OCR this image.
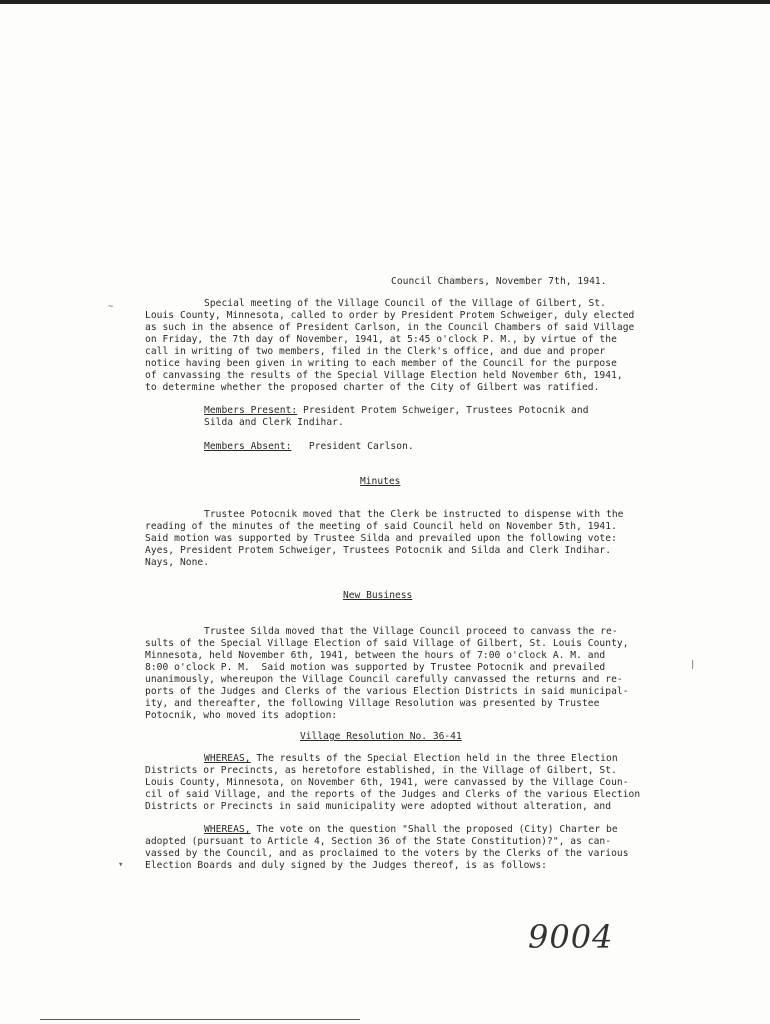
Council Chambers, November 7th, 1941.
Special meeting of the Village Council of the Village of Gilbert, St.
Louis County, Minnesota, called to order by President Protem Schweiger, duly elected
as such in the absence of President Carlson, in the Council Chambers of said Village
on Friday, the 7th day of November, 1941, at 5:45 o'clock P. M., by virtue of the
call in writing of two members, filed in the Clerk's office, and due and proper
notice having been given in writing to each member of the Council for the purpose
of canvassing the results of the Special Village Election held November 6th, 1941,
to determine whether the proposed charter of the City of Gilbert was ratified.
Members Present: President Protem Schweiger, Trustees Potocnik and
Silda and Clerk Indihar.
Members Absent:   President Carlson.
Minutes
Trustee Potocnik moved that the Clerk be instructed to dispense with the
reading of the minutes of the meeting of said Council held on November 5th, 1941.
Said motion was supported by Trustee Silda and prevailed upon the following vote:
Ayes, President Protem Schweiger, Trustees Potocnik and Silda and Clerk Indihar.
Nays, None.
New Business
Trustee Silda moved that the Village Council proceed to canvass the re-
sults of the Special Village Election of said Village of Gilbert, St. Louis County,
Minnesota, held November 6th, 1941, between the hours of 7:00 o'clock A. M. and
8:00 o'clock P. M.  Said motion was supported by Trustee Potocnik and prevailed
unanimously, whereupon the Village Council carefully canvassed the returns and re-
ports of the Judges and Clerks of the various Election Districts in said municipal-
ity, and thereafter, the following Village Resolution was presented by Trustee
Potocnik, who moved its adoption:
Village Resolution No. 36-41
WHEREAS, The results of the Special Election held in the three Election
Districts or Precincts, as heretofore established, in the Village of Gilbert, St.
Louis County, Minnesota, on November 6th, 1941, were canvassed by the Village Coun-
cil of said Village, and the reports of the Judges and Clerks of the various Election
Districts or Precincts in said municipality were adopted without alteration, and
WHEREAS, The vote on the question "Shall the proposed (City) Charter be
adopted (pursuant to Article 4, Section 36 of the State Constitution)?", as can-
vassed by the Council, and as proclaimed to the voters by the Clerks of the various
Election Boards and duly signed by the Judges thereof, is as follows:
9004
~
▾
|
